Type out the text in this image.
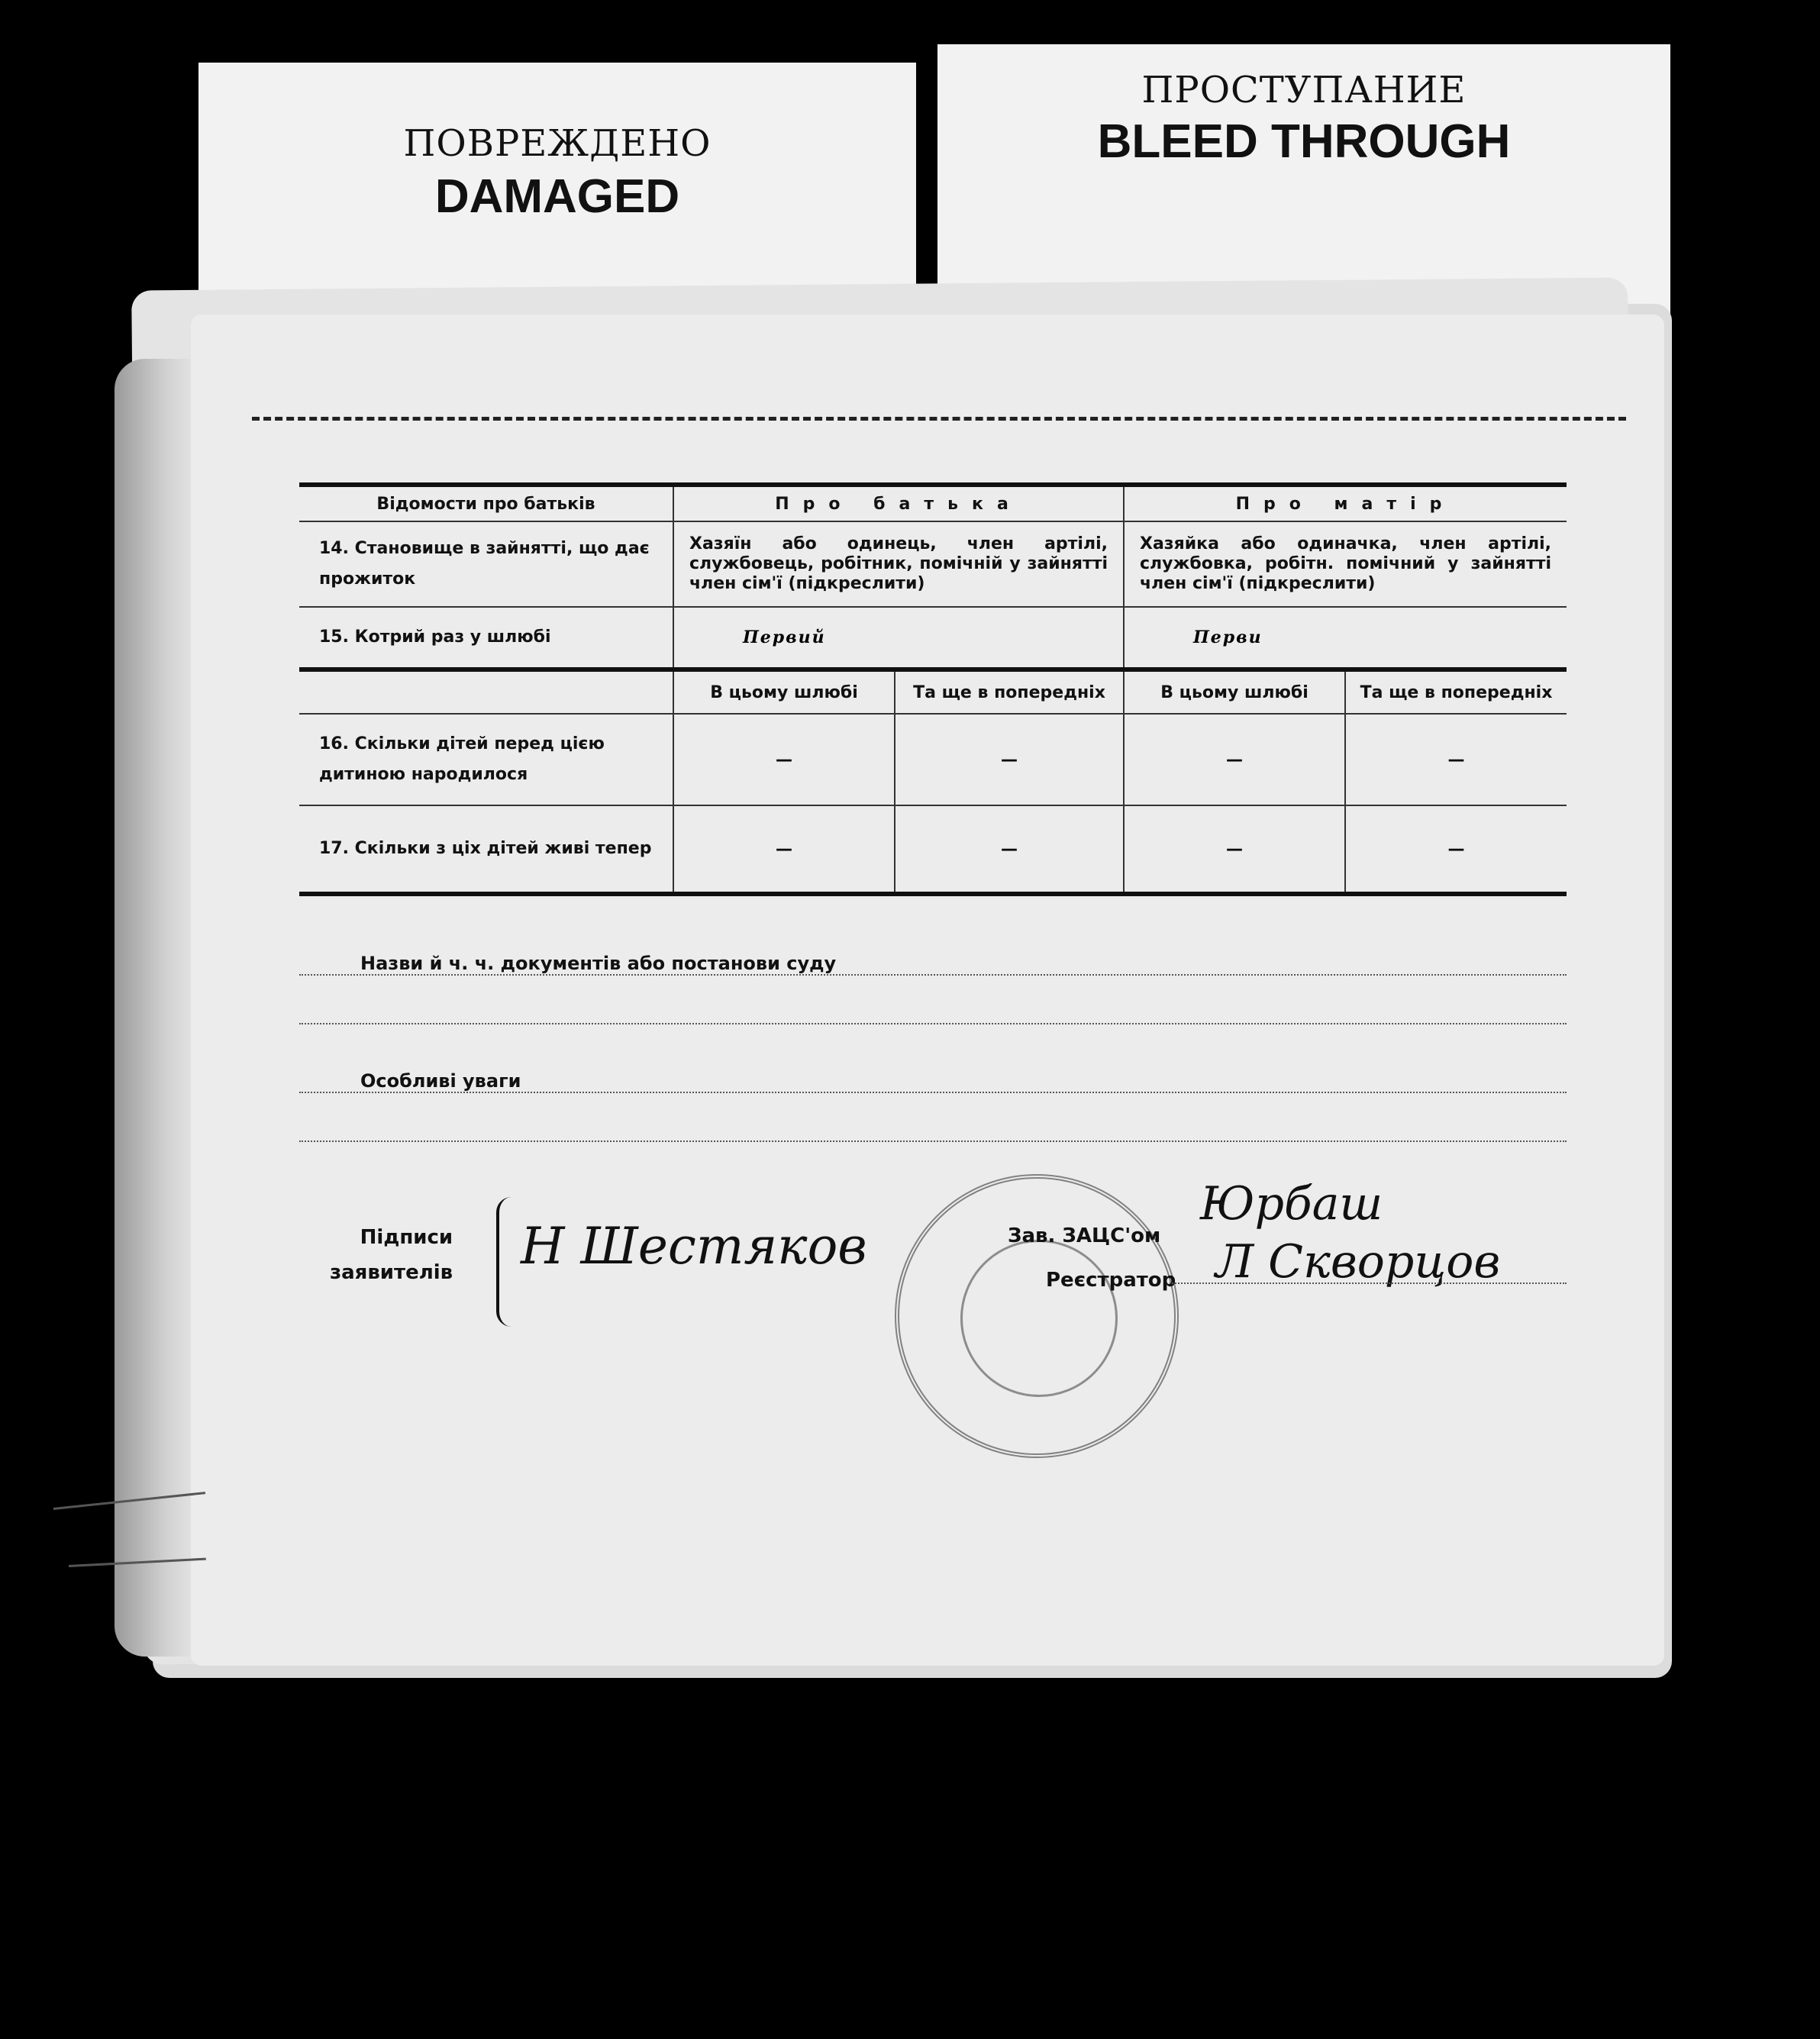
ПОВРЕЖДЕНО
DAMAGED
ПРОСТУПАНИЕ
BLEED THROUGH
Відомости про батьків	Про батька		Про матір	
14. Становище в зайнятті, що дає прожиток	Хазяїн або одинець, член артілі, службовець, робітник, помічній у зайнятті член сім'ї (підкреслити)		Хазяйка або одиначка, член артілі, службовка, робітн. помічний у зайнятті член сім'ї (підкреслити)	
15. Котрий раз у шлюбі	Первий		Перви	
	В цьому шлюбі	Та ще в попередніх	В цьому шлюбі	Та ще в попередніх
16. Скільки дітей перед цією дитиною народилося	—	—	—	—
17. Скільки з ціх дітей живі тепер	—	—	—	—
Назви й ч. ч. документів або постанови суду
Особливі уваги
Підписи
заявителів Н Шестяков	Зав. ЗАЦС'ом
Юрбаш
Реєстратор Л Скворцов
